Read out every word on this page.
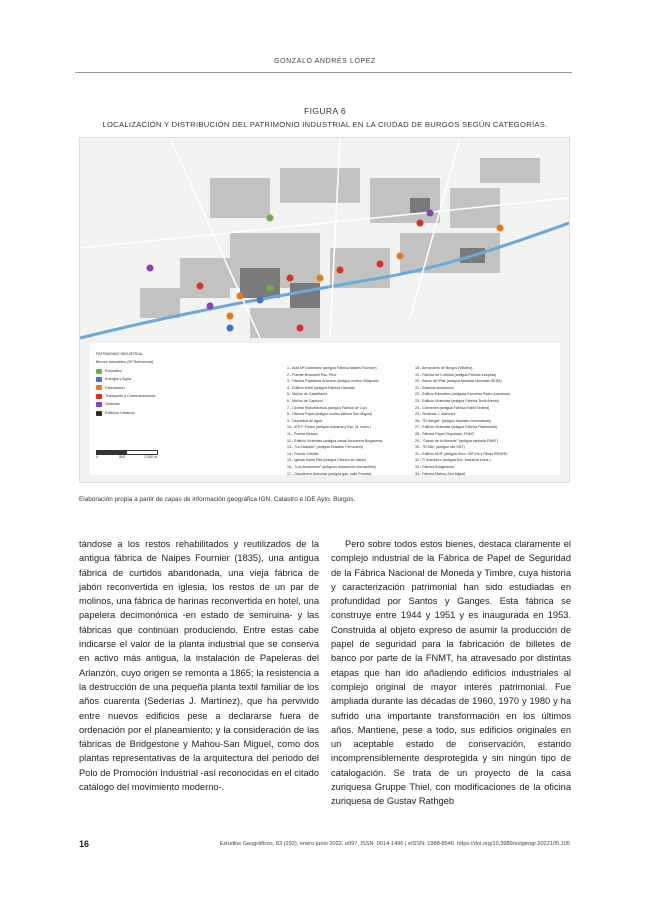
GONZALO ANDRÉS LÓPEZ
FIGURA 6
LOCALIZACIÓN Y DISTRIBUCIÓN DEL PATRIMONIO INDUSTRIAL EN LA CIUDAD DE BURGOS SEGÚN CATEGORÍAS.
PATRIMONIO INDUSTRIAL
Bienes Inmuebles (Nº Referencia)
Educativo
Energía y Agua
Fabricación
Transporte y Comunicaciones
Vivienda
Edificios Urbanos
0	500	1.000 m
1.- Aula Mª Zambrano (antigua Fábrica Naipes Fournier)
2.- Puente ferrocarril Paz. Prior
3.- Fábrica Papeleras Arlanzón (antiguo molino Villayuda)
4.- Edificio Hotel (antigua Fábrica Harinas)
5.- Molino de Castañares
6.- Molino de Capiscol
7.- Central Hidroeléctrica (antigua Fábrica de Luz)
8.- Fábrica Papel (antiguo molino-fábrica San Miguel)
9.- Depósitos de agua
10.- IES F. Flores (antigua Industria y Esc. M. Indus.)
11.- Puente Besson
12.- Edificio Viviendas (antigua casas Azucarera Burgalesa)
13.- "La Estación" (antigua Estación Ferrocarril)
14.- Puente Castilla
15.- Iglesia Santa Rita (antigua Fábrica de Jabón)
16.- "Los Almacenes" (antiguos almacenes mercantiles)
17.- Gasolinera Gamonal (antigua gas. calle Francia)
18.- Aeropuerto de Burgos (Villafría)
19.- Fábrica de Curtidos (antigua Fábrica Indupisa)
20.- Barrio del Pilar (antigua barriada viviendas SESA)
21.- Estación Autobuses
22.- Edificio Educativo (antiguas Escuelas Padre Aramburu)
23.- Edificio Viviendas (antigua Fábrica Textil Arenal)
24.- Chimenea (antigua Fábrica Fabril Sedera)
25.- Sederías J. Martínez
26.- "El Hangar" (antiguo depósito locomotoras)
27.- Edificio Viviendas (antigua Fábrica Plachmetal)
28.- Fábrica Papel Seguridad -FNMT-
29.- "Casas de la Moneda" (antigua barriada FNMT)
30.- "El Silo" (antiguo silo SNT)
31.- Edificio ADIF (antigua Secc. 45ª Vía y Obras RENFE)
32.- P. Aramburu (antigua Esc. Maestría Indus.)
33.- Fábrica Bridgestone
34.- Fábrica Mahou-San Miguel
Elaboración propia a partir de capas de información geográfica IGN, Catastro e IDE Ayto. Burgos.

tándose a los restos rehabilitados y reutilizados de la antigua fábrica de Naipes Fournier (1835), una antigua fábrica de curtidos abandonada, una vieja fábrica de jabón reconvertida en iglesia, los restos de un par de molinos, una fábrica de harinas reconvertida en hotel, una papelera decimonónica -en estado de semiruina- y las fábricas que continúan produciendo. Entre estas cabe indicarse el valor de la planta industrial que se conserva en activo más antigua, la instalación de Papeleras del Arlanzón, cuyo origen se remonta a 1865; la resistencia a la destrucción de una pequeña planta textil familiar de los años cuarenta (Sederías J. Martínez), que ha pervivido entre nuevos edificios pese a declararse fuera de ordenación por el planeamiento; y la consideración de las fábricas de Bridgestone y Mahou-San Miguel, como dos plantas representativas de la arquitectura del periodo del Polo de Promoción Industrial -así reconocidas en el citado catálogo del movimiento moderno-.

Pero sobre todos estos bienes, destaca claramente el complejo industrial de la Fábrica de Papel de Seguridad de la Fábrica Nacional de Moneda y Timbre, cuya historia y caracterización patrimonial han sido estudiadas en profundidad por Santos y Ganges. Esta fábrica se construye entre 1944 y 1951 y es inaugurada en 1953. Construida al objeto expreso de asumir la producción de papel de seguridad para la fabricación de billetes de banco por parte de la FNMT, ha atravesado por distintas etapas que han ido añadiendo edificios industriales al complejo original de mayor interés patrimonial. Fue ampliada durante las décadas de 1960, 1970 y 1980 y ha sufrido una importante transformación en los últimos años. Mantiene, pese a todo, sus edificios originales en un aceptable estado de conservación, estando incomprensiblemente desprotegida y sin ningún tipo de catalogación. Se trata de un proyecto de la casa zuriquesa Gruppe Thiel, con modificaciones de la oficina zuriquesa de Gustav Rathgeb

16	Estudios Geográficos, 83 (292), enero-junio 2022, e097. ISSN: 0014-1496 | eISSN: 1988-8546. https://doi.org/10.3989/estgeogr.2022105.105
